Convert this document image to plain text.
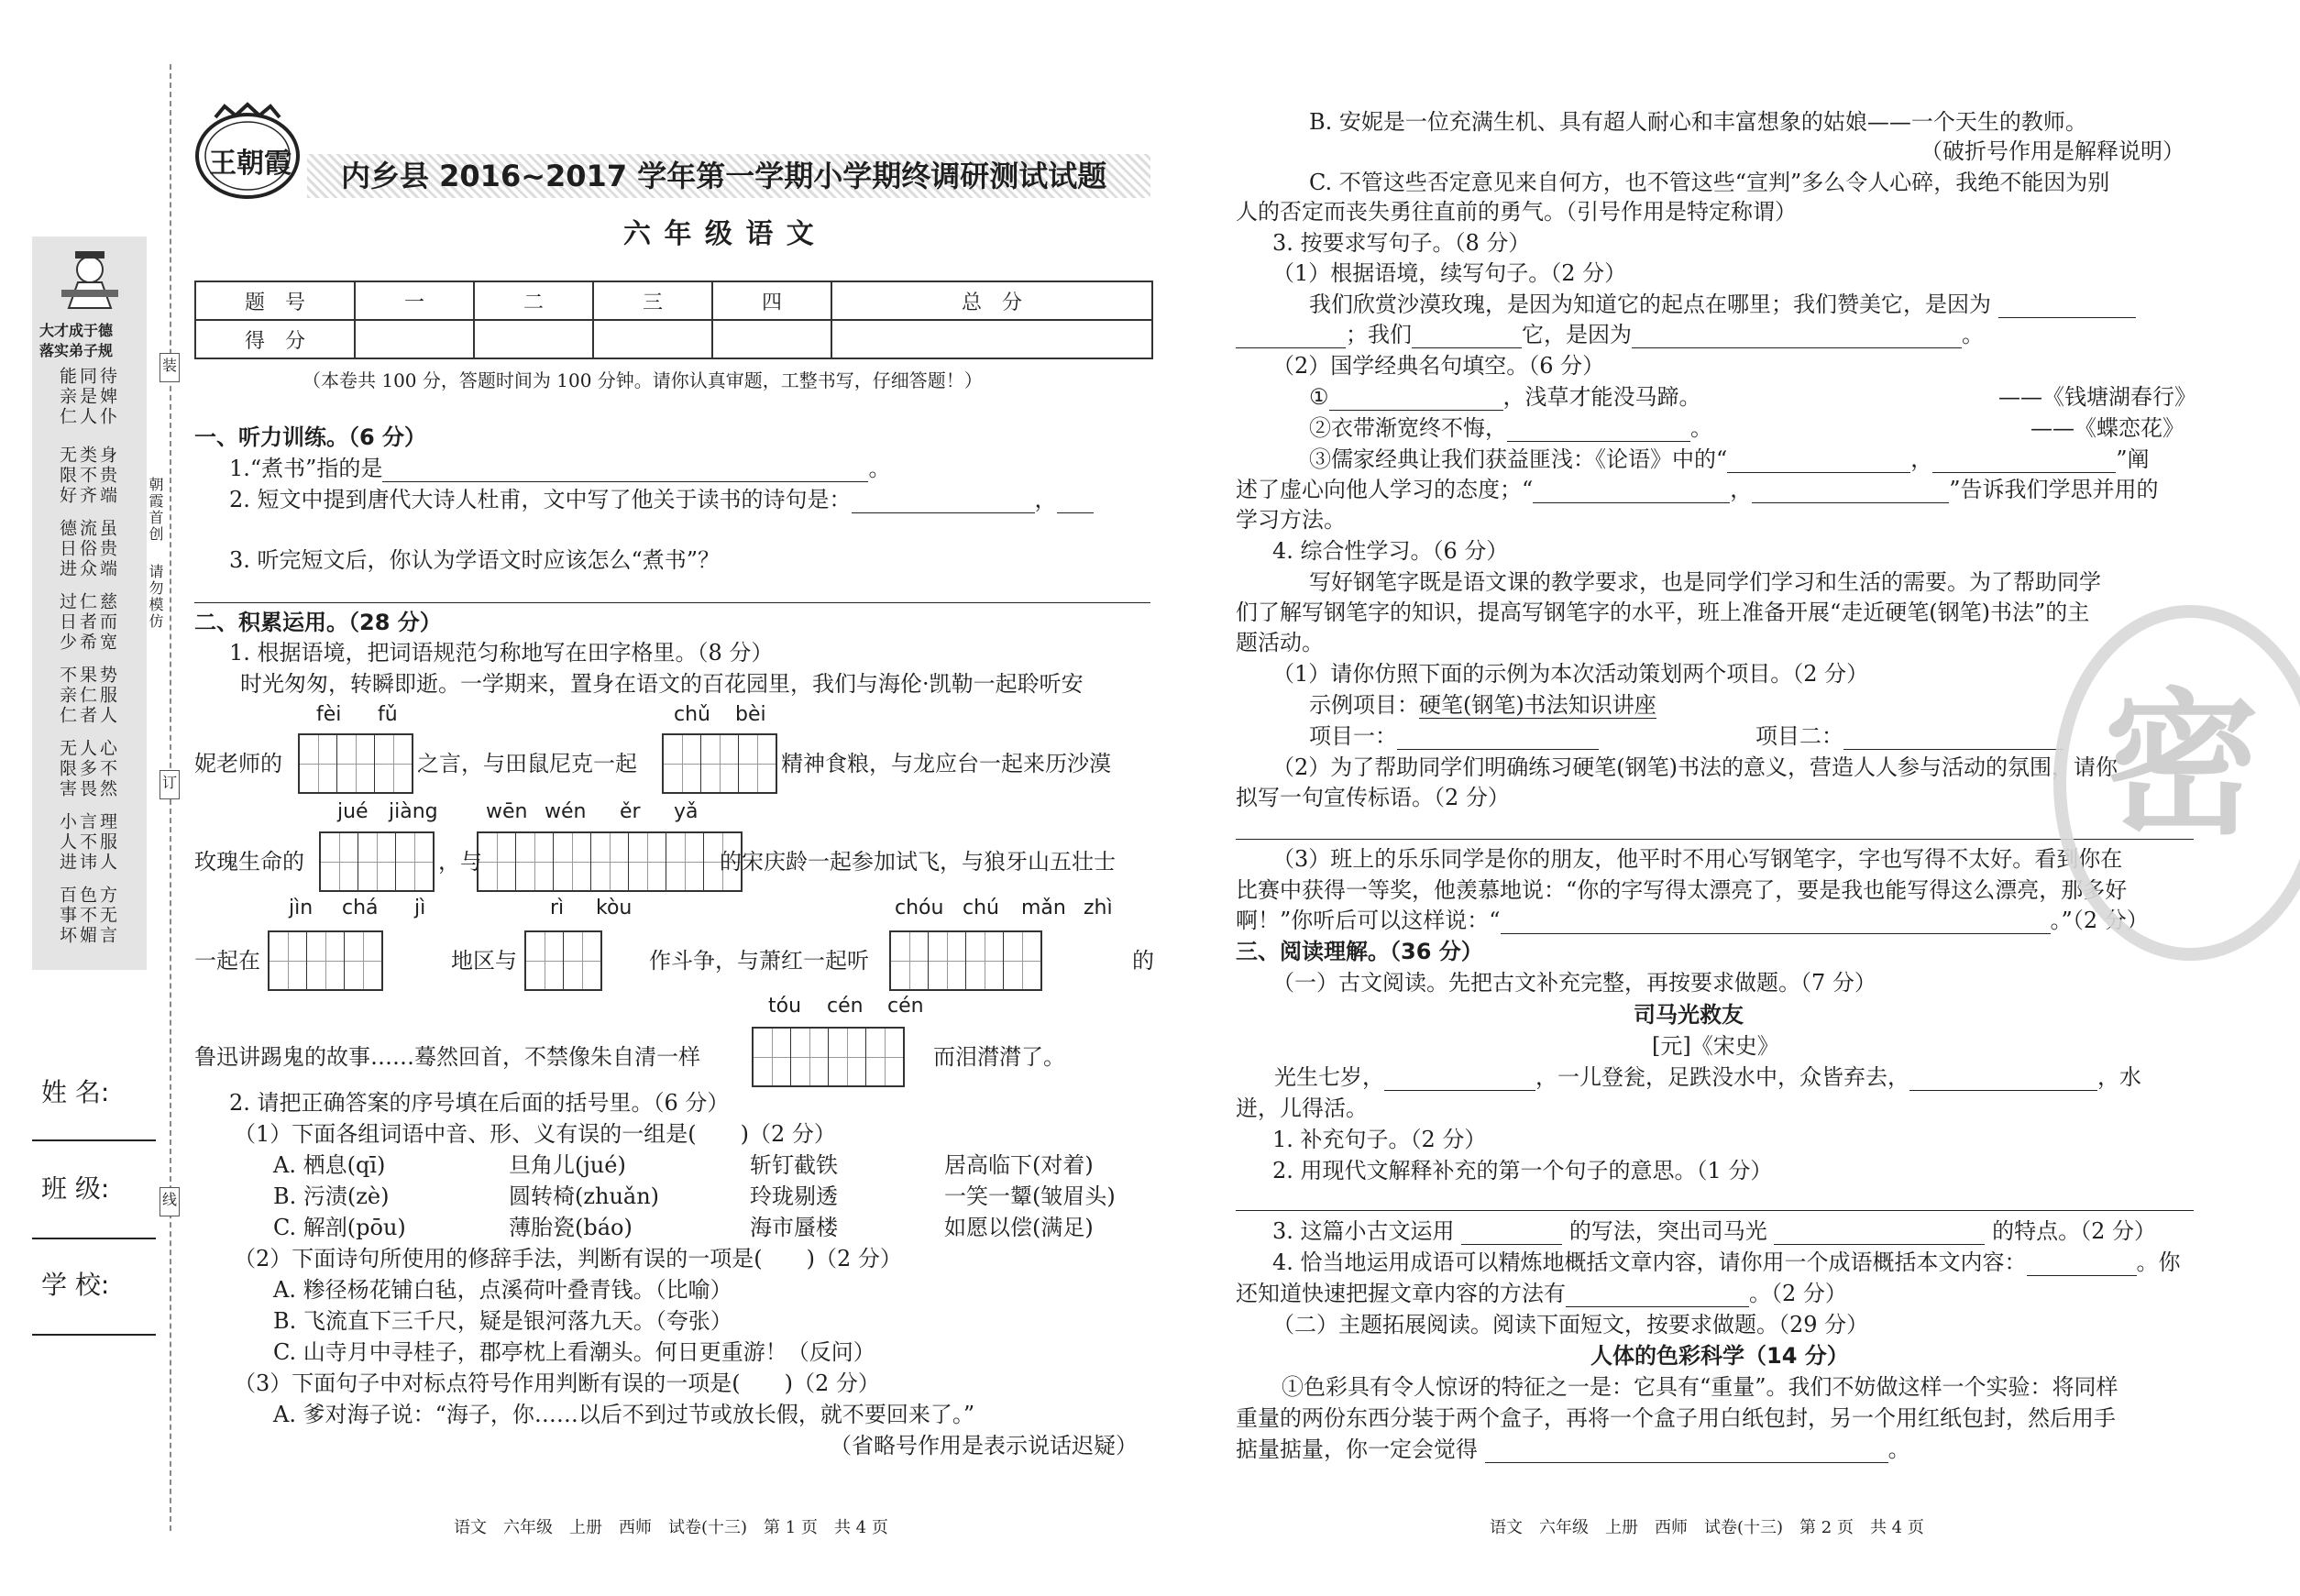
装
订
线
大才成于德
落实弟子规
能亲仁 同是人 待婢仆
无限好 类不齐 身贵端
德日进 流俗众 虽贵端
过日少 仁者希 慈而宽
不亲仁 果仁者 势服人
无限害 人多畏 心不然
小人进 言不讳 理服人
百事坏 色不媚 方无言
朝霞首创
请勿模仿
姓 名:
班 级:
学 校:
王朝霞 内乡县 2016~2017 学年第一学期小学期终调研测试试题
六 年 级 语 文
题　号	一	二	三	四	总　分
得　分					
（本卷共 100 分，答题时间为 100 分钟。请你认真审题，工整书写，仔细答题！）
一、听力训练。（6 分）
1.“煮书”指的是	。
2. 短文中提到唐代大诗人杜甫，文中写了他关于读书的诗句是：	，
3. 听完短文后，你认为学语文时应该怎么“煮书”？
二、积累运用。（28 分）
1. 根据语境，把词语规范匀称地写在田字格里。（8 分）
时光匆匆，转瞬即逝。一学期来，置身在语文的百花园里，我们与海伦·凯勒一起聆听安
fèi fǔ	chǔ bèi
妮老师的	之言，与田鼠尼克一起	精神食粮，与龙应台一起来历沙漠
jué jiàng wēn wén ěr yǎ
玫瑰生命的	，与	的宋庆龄一起参加试飞，与狼牙山五壮士
jìn chá jì	rì kòu	chóu chú mǎn zhì
一起在	地区与	作斗争，与萧红一起听	的
tóu cén cén
鲁迅讲踢鬼的故事……蓦然回首，不禁像朱自清一样	而泪潸潸了。
2. 请把正确答案的序号填在后面的括号里。（6 分）
（1）下面各组词语中音、形、义有误的一组是(　　)（2 分）
A. 栖息(qī)	旦角儿(jué)	斩钉截铁	居高临下(对着)
B. 污渍(zè)	圆转椅(zhuǎn)	玲珑剔透	一笑一颦(皱眉头)
C. 解剖(pōu)	薄胎瓷(báo)	海市蜃楼	如愿以偿(满足)
（2）下面诗句所使用的修辞手法，判断有误的一项是(　　)（2 分）
A. 糁径杨花铺白毡，点溪荷叶叠青钱。（比喻）
B. 飞流直下三千尺，疑是银河落九天。（夸张）
C. 山寺月中寻桂子，郡亭枕上看潮头。何日更重游！（反问）
（3）下面句子中对标点符号作用判断有误的一项是(　　)（2 分）
A. 爹对海子说：“海子，你……以后不到过节或放长假，就不要回来了。”
（省略号作用是表示说话迟疑）
语文　六年级　上册　西师　试卷(十三)　第 1 页　共 4 页
B. 安妮是一位充满生机、具有超人耐心和丰富想象的姑娘——一个天生的教师。
（破折号作用是解释说明）
C. 不管这些否定意见来自何方，也不管这些“宣判”多么令人心碎，我绝不能因为别
人的否定而丧失勇往直前的勇气。（引号作用是特定称谓）
3. 按要求写句子。（8 分）
（1）根据语境，续写句子。（2 分）
我们欣赏沙漠玫瑰，是因为知道它的起点在哪里；我们赞美它，是因为
；我们	它，是因为	。
（2）国学经典名句填空。（6 分）
①	，浅草才能没马蹄。	——《钱塘湖春行》
②衣带渐宽终不悔，	。	——《蝶恋花》
③儒家经典让我们获益匪浅：《论语》中的“	，	”阐
述了虚心向他人学习的态度；“	，	”告诉我们学思并用的
学习方法。
4. 综合性学习。（6 分）
写好钢笔字既是语文课的教学要求，也是同学们学习和生活的需要。为了帮助同学
们了解写钢笔字的知识，提高写钢笔字的水平，班上准备开展“走近硬笔(钢笔)书法”的主
题活动。
（1）请你仿照下面的示例为本次活动策划两个项目。（2 分）
示例项目：硬笔(钢笔)书法知识讲座
项目一：	项目二：
（2）为了帮助同学们明确练习硬笔(钢笔)书法的意义，营造人人参与活动的氛围，请你
拟写一句宣传标语。（2 分）
（3）班上的乐乐同学是你的朋友，他平时不用心写钢笔字，字也写得不太好。看到你在
比赛中获得一等奖，他羡慕地说：“你的字写得太漂亮了，要是我也能写得这么漂亮，那多好
啊！”你听后可以这样说：“	。”（2 分）
三、阅读理解。（36 分）
（一）古文阅读。先把古文补充完整，再按要求做题。（7 分）
司马光救友
[元]《宋史》
光生七岁，	，一儿登瓮，足跌没水中，众皆弃去，	，水
迸，儿得活。
1. 补充句子。（2 分）
2. 用现代文解释补充的第一个句子的意思。（1 分）
3. 这篇小古文运用	的写法，突出司马光	的特点。（2 分）
4. 恰当地运用成语可以精炼地概括文章内容，请你用一个成语概括本文内容：	。你
还知道快速把握文章内容的方法有	。（2 分）
（二）主题拓展阅读。阅读下面短文，按要求做题。（29 分）
人体的色彩科学（14 分）
①色彩具有令人惊讶的特征之一是：它具有“重量”。我们不妨做这样一个实验：将同样
重量的两份东西分装于两个盒子，再将一个盒子用白纸包封，另一个用红纸包封，然后用手
掂量掂量，你一定会觉得	。
语文　六年级　上册　西师　试卷(十三)　第 2 页　共 4 页
密
